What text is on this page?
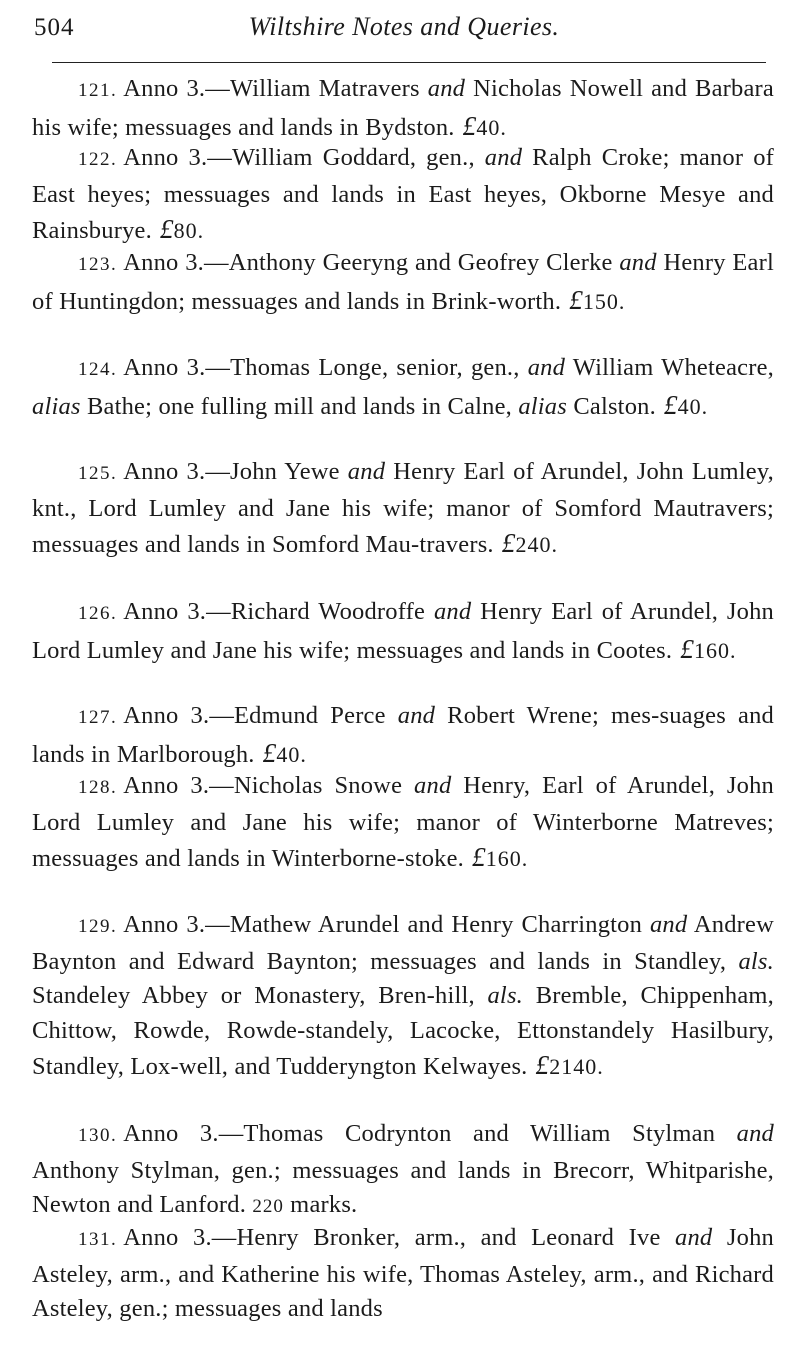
504	Wiltshire Notes and Queries.
121. Anno 3.—William Matravers and Nicholas Nowell and Barbara his wife; messuages and lands in Bydston. £40.
122. Anno 3.—William Goddard, gen., and Ralph Croke; manor of East heyes; messuages and lands in East heyes, Okborne Mesye and Rainsburye. £80.
123. Anno 3.—Anthony Geeryng and Geofrey Clerke and Henry Earl of Huntingdon; messuages and lands in Brink-worth. £150.
124. Anno 3.—Thomas Longe, senior, gen., and William Wheteacre, alias Bathe; one fulling mill and lands in Calne, alias Calston. £40.
125. Anno 3.—John Yewe and Henry Earl of Arundel, John Lumley, knt., Lord Lumley and Jane his wife; manor of Somford Mautravers; messuages and lands in Somford Mau-travers. £240.
126. Anno 3.—Richard Woodroffe and Henry Earl of Arundel, John Lord Lumley and Jane his wife; messuages and lands in Cootes. £160.
127. Anno 3.—Edmund Perce and Robert Wrene; mes-suages and lands in Marlborough. £40.
128. Anno 3.—Nicholas Snowe and Henry, Earl of Arundel, John Lord Lumley and Jane his wife; manor of Winterborne Matreves; messuages and lands in Winterborne-stoke. £160.
129. Anno 3.—Mathew Arundel and Henry Charrington and Andrew Baynton and Edward Baynton; messuages and lands in Standley, als. Standeley Abbey or Monastery, Bren-hill, als. Bremble, Chippenham, Chittow, Rowde, Rowde-standely, Lacocke, Ettonstandely Hasilbury, Standley, Lox-well, and Tudderyngton Kelwayes. £2140.
130. Anno 3.—Thomas Codrynton and William Stylman and Anthony Stylman, gen.; messuages and lands in Brecorr, Whitparishe, Newton and Lanford. 220 marks.
131. Anno 3.—Henry Bronker, arm., and Leonard Ive and John Asteley, arm., and Katherine his wife, Thomas Asteley, arm., and Richard Asteley, gen.; messuages and lands
